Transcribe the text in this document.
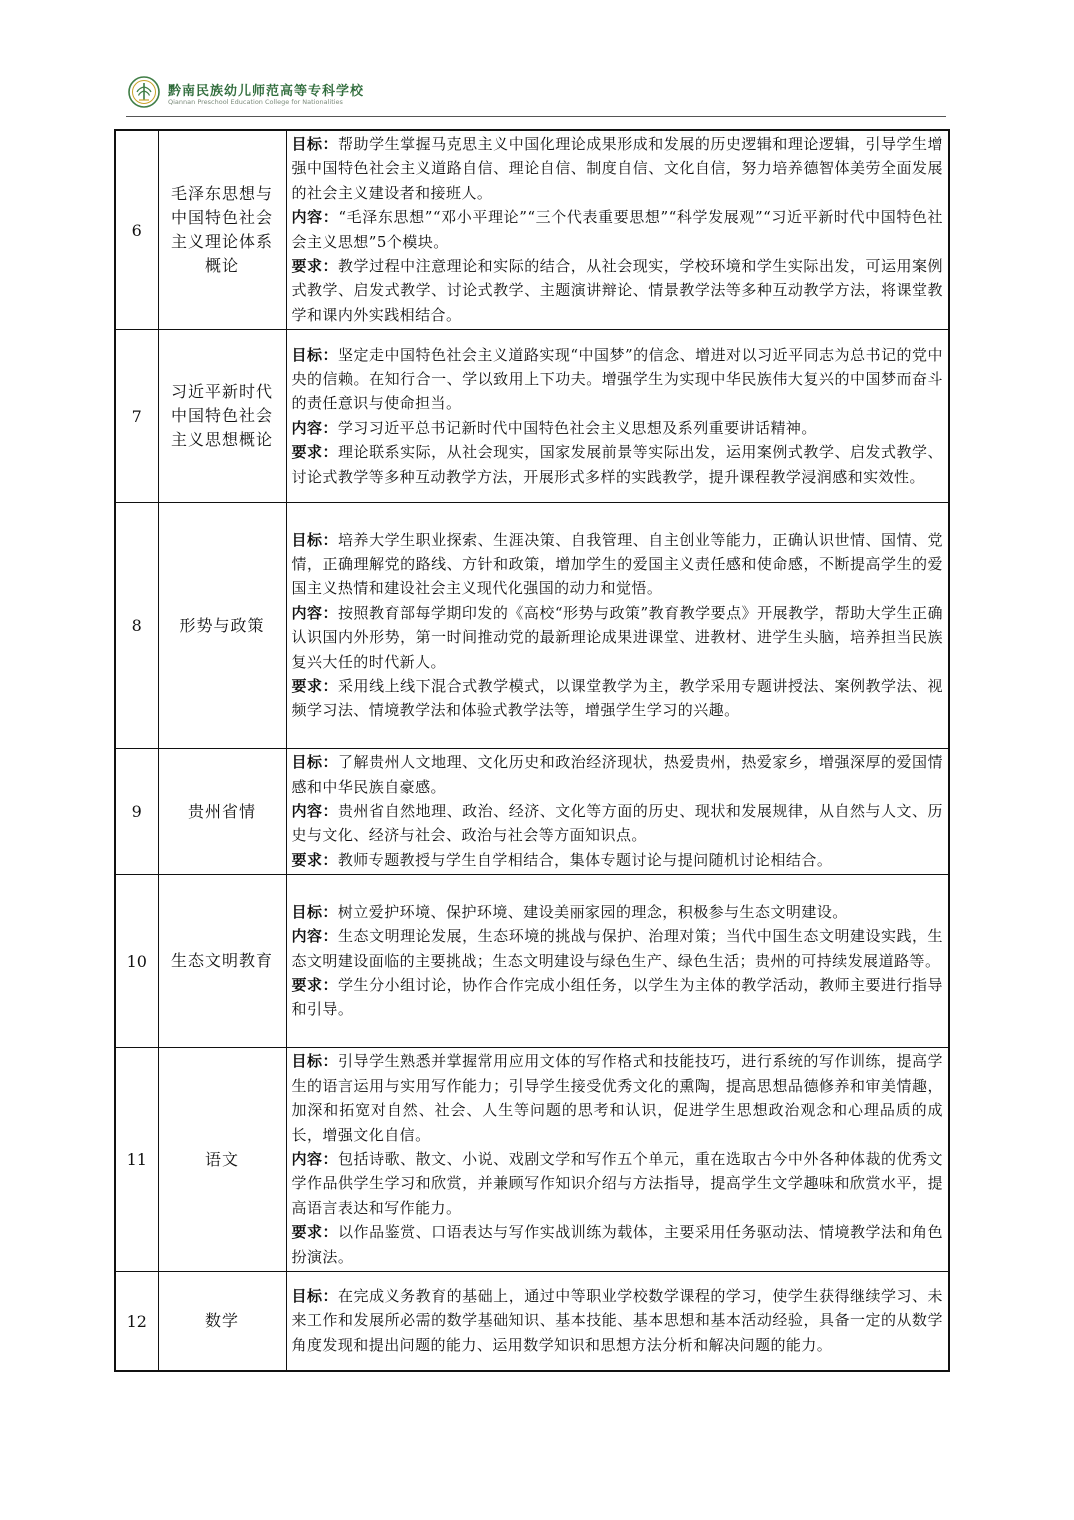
黔南民族幼儿师范高等专科学校
Qiannan Preschool Education College for Nationalities
6	毛泽东思想与中国特色社会主义理论体系概论	目标：帮助学生掌握马克思主义中国化理论成果形成和发展的历史逻辑和理论逻辑，引导学生增强中国特色社会主义道路自信、理论自信、制度自信、文化自信，努力培养德智体美劳全面发展的社会主义建设者和接班人。
内容：“毛泽东思想”“邓小平理论”“三个代表重要思想”“科学发展观”“习近平新时代中国特色社会主义思想”5个模块。
要求：教学过程中注意理论和实际的结合，从社会现实，学校环境和学生实际出发，可运用案例式教学、启发式教学、讨论式教学、主题演讲辩论、情景教学法等多种互动教学方法，将课堂教学和课内外实践相结合。

7	习近平新时代中国特色社会主义思想概论	目标：坚定走中国特色社会主义道路实现“中国梦”的信念、增进对以习近平同志为总书记的党中央的信赖。在知行合一、学以致用上下功夫。增强学生为实现中华民族伟大复兴的中国梦而奋斗的责任意识与使命担当。
内容：学习习近平总书记新时代中国特色社会主义思想及系列重要讲话精神。
要求：理论联系实际，从社会现实，国家发展前景等实际出发，运用案例式教学、启发式教学、讨论式教学等多种互动教学方法，开展形式多样的实践教学，提升课程教学浸润感和实效性。

8	形势与政策	目标：培养大学生职业探索、生涯决策、自我管理、自主创业等能力，正确认识世情、国情、党情，正确理解党的路线、方针和政策，增加学生的爱国主义责任感和使命感，不断提高学生的爱国主义热情和建设社会主义现代化强国的动力和觉悟。
内容：按照教育部每学期印发的《高校“形势与政策”教育教学要点》开展教学，帮助大学生正确认识国内外形势，第一时间推动党的最新理论成果进课堂、进教材、进学生头脑，培养担当民族复兴大任的时代新人。
要求：采用线上线下混合式教学模式，以课堂教学为主，教学采用专题讲授法、案例教学法、视频学习法、情境教学法和体验式教学法等，增强学生学习的兴趣。

9	贵州省情	目标：了解贵州人文地理、文化历史和政治经济现状，热爱贵州，热爱家乡，增强深厚的爱国情感和中华民族自豪感。
内容：贵州省自然地理、政治、经济、文化等方面的历史、现状和发展规律，从自然与人文、历史与文化、经济与社会、政治与社会等方面知识点。
要求：教师专题教授与学生自学相结合，集体专题讨论与提问随机讨论相结合。

10	生态文明教育	目标：树立爱护环境、保护环境、建设美丽家园的理念，积极参与生态文明建设。
内容：生态文明理论发展，生态环境的挑战与保护、治理对策；当代中国生态文明建设实践，生态文明建设面临的主要挑战；生态文明建设与绿色生产、绿色生活；贵州的可持续发展道路等。
要求：学生分小组讨论，协作合作完成小组任务，以学生为主体的教学活动，教师主要进行指导和引导。

11	语文	目标：引导学生熟悉并掌握常用应用文体的写作格式和技能技巧，进行系统的写作训练，提高学生的语言运用与实用写作能力；引导学生接受优秀文化的熏陶，提高思想品德修养和审美情趣，加深和拓宽对自然、社会、人生等问题的思考和认识，促进学生思想政治观念和心理品质的成长，增强文化自信。
内容：包括诗歌、散文、小说、戏剧文学和写作五个单元，重在选取古今中外各种体裁的优秀文学作品供学生学习和欣赏，并兼顾写作知识介绍与方法指导，提高学生文学趣味和欣赏水平，提高语言表达和写作能力。
要求：以作品鉴赏、口语表达与写作实战训练为载体，主要采用任务驱动法、情境教学法和角色扮演法。

12	数学	目标：在完成义务教育的基础上，通过中等职业学校数学课程的学习，使学生获得继续学习、未来工作和发展所必需的数学基础知识、基本技能、基本思想和基本活动经验，具备一定的从数学角度发现和提出问题的能力、运用数学知识和思想方法分析和解决问题的能力。
